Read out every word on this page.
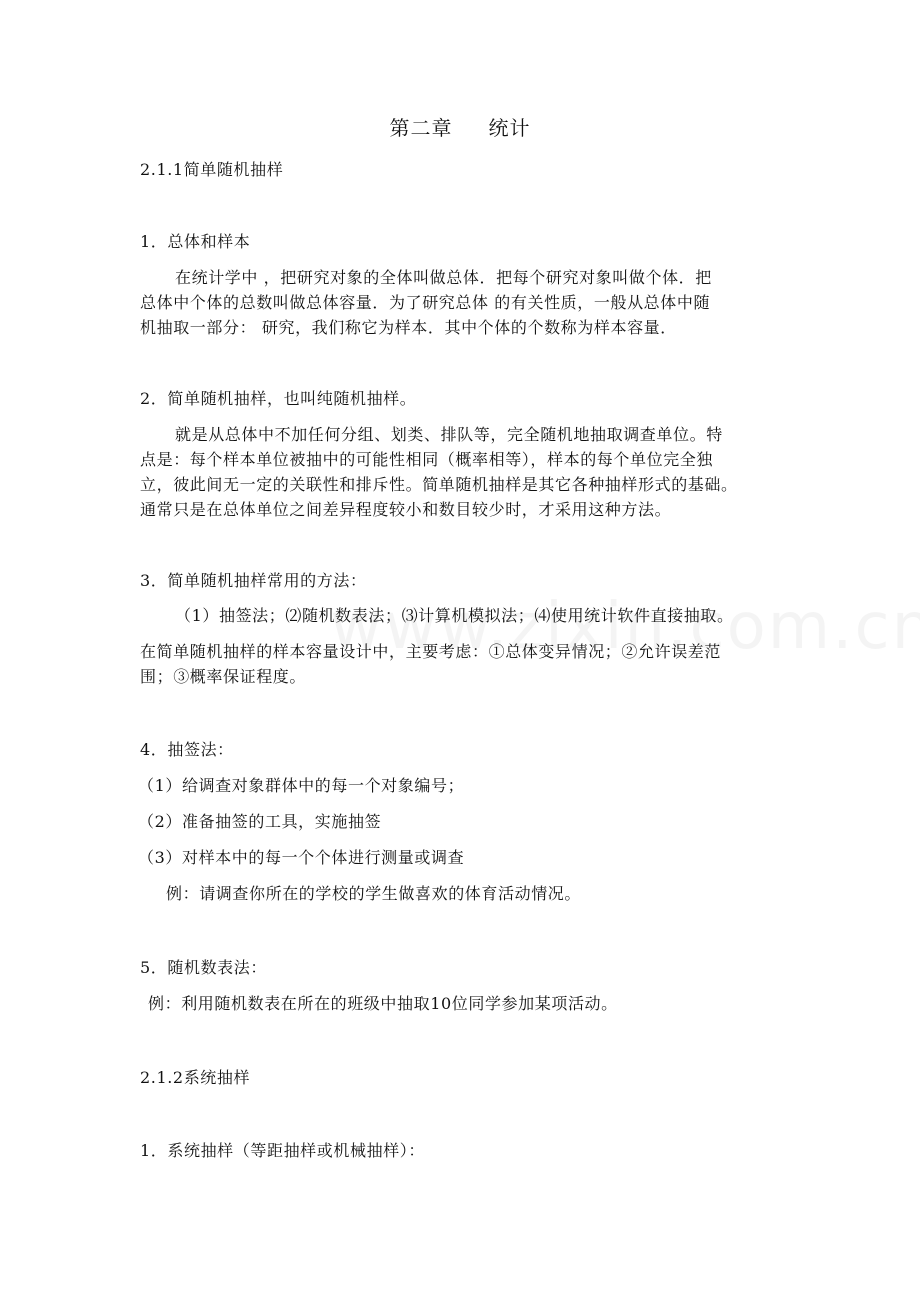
第二章 统计
2.1.1简单随机抽样
1．总体和样本
在统计学中 ，把研究对象的全体叫做总体．把每个研究对象叫做个体．把
总体中个体的总数叫做总体容量．为了研究总体 的有关性质，一般从总体中随
机抽取一部分： 研究，我们称它为样本．其中个体的个数称为样本容量．
2．简单随机抽样，也叫纯随机抽样。
就是从总体中不加任何分组、划类、排队等，完全随机地抽取调查单位。特
点是：每个样本单位被抽中的可能性相同（概率相等），样本的每个单位完全独
立，彼此间无一定的关联性和排斥性。简单随机抽样是其它各种抽样形式的基础。
通常只是在总体单位之间差异程度较小和数目较少时，才采用这种方法。
3．简单随机抽样常用的方法：
（1）抽签法；⑵随机数表法；⑶计算机模拟法；⑷使用统计软件直接抽取。
在简单随机抽样的样本容量设计中，主要考虑：①总体变异情况；②允许误差范
围；③概率保证程度。
4．抽签法：
（1）给调查对象群体中的每一个对象编号；
（2）准备抽签的工具，实施抽签
（3）对样本中的每一个个体进行测量或调查
例：请调查你所在的学校的学生做喜欢的体育活动情况。
5．随机数表法：
例：利用随机数表在所在的班级中抽取10位同学参加某项活动。
2.1.2系统抽样
1．系统抽样（等距抽样或机械抽样）：
